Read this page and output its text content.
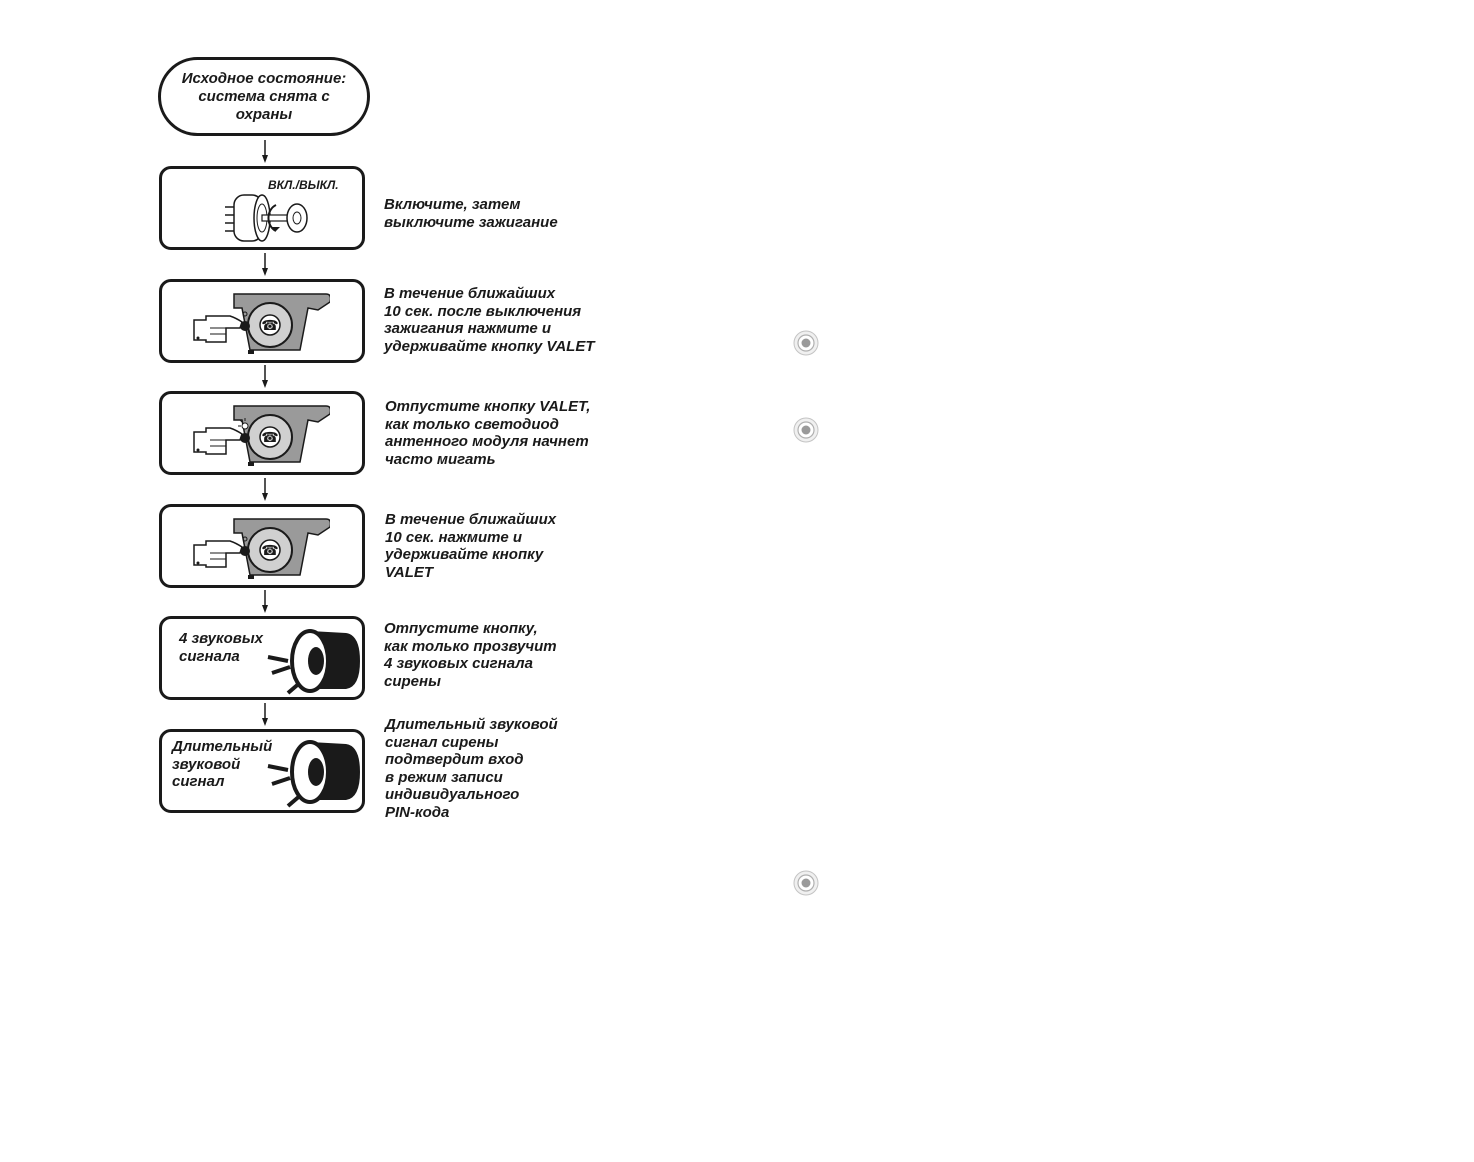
Исходное состояние: система снята с охраны
ВКЛ./ВЫКЛ.

Включите, затем
выключите зажигание

☎

В течение ближайших
10 сек. после выключения
зажигания нажмите и
удерживайте кнопку VALET

☎

Отпустите кнопку VALET,
как только светодиод
антенного модуля начнет
часто мигать

☎

В течение ближайших
10 сек. нажмите и
удерживайте кнопку
VALET

4 звуковых
сигнала

Отпустите кнопку,
как только прозвучит
4 звуковых сигнала
сирены

Длительный
звуковой
сигнал

Длительный звуковой
сигнал сирены
подтвердит вход
в режим записи
индивидуального
PIN-кода
